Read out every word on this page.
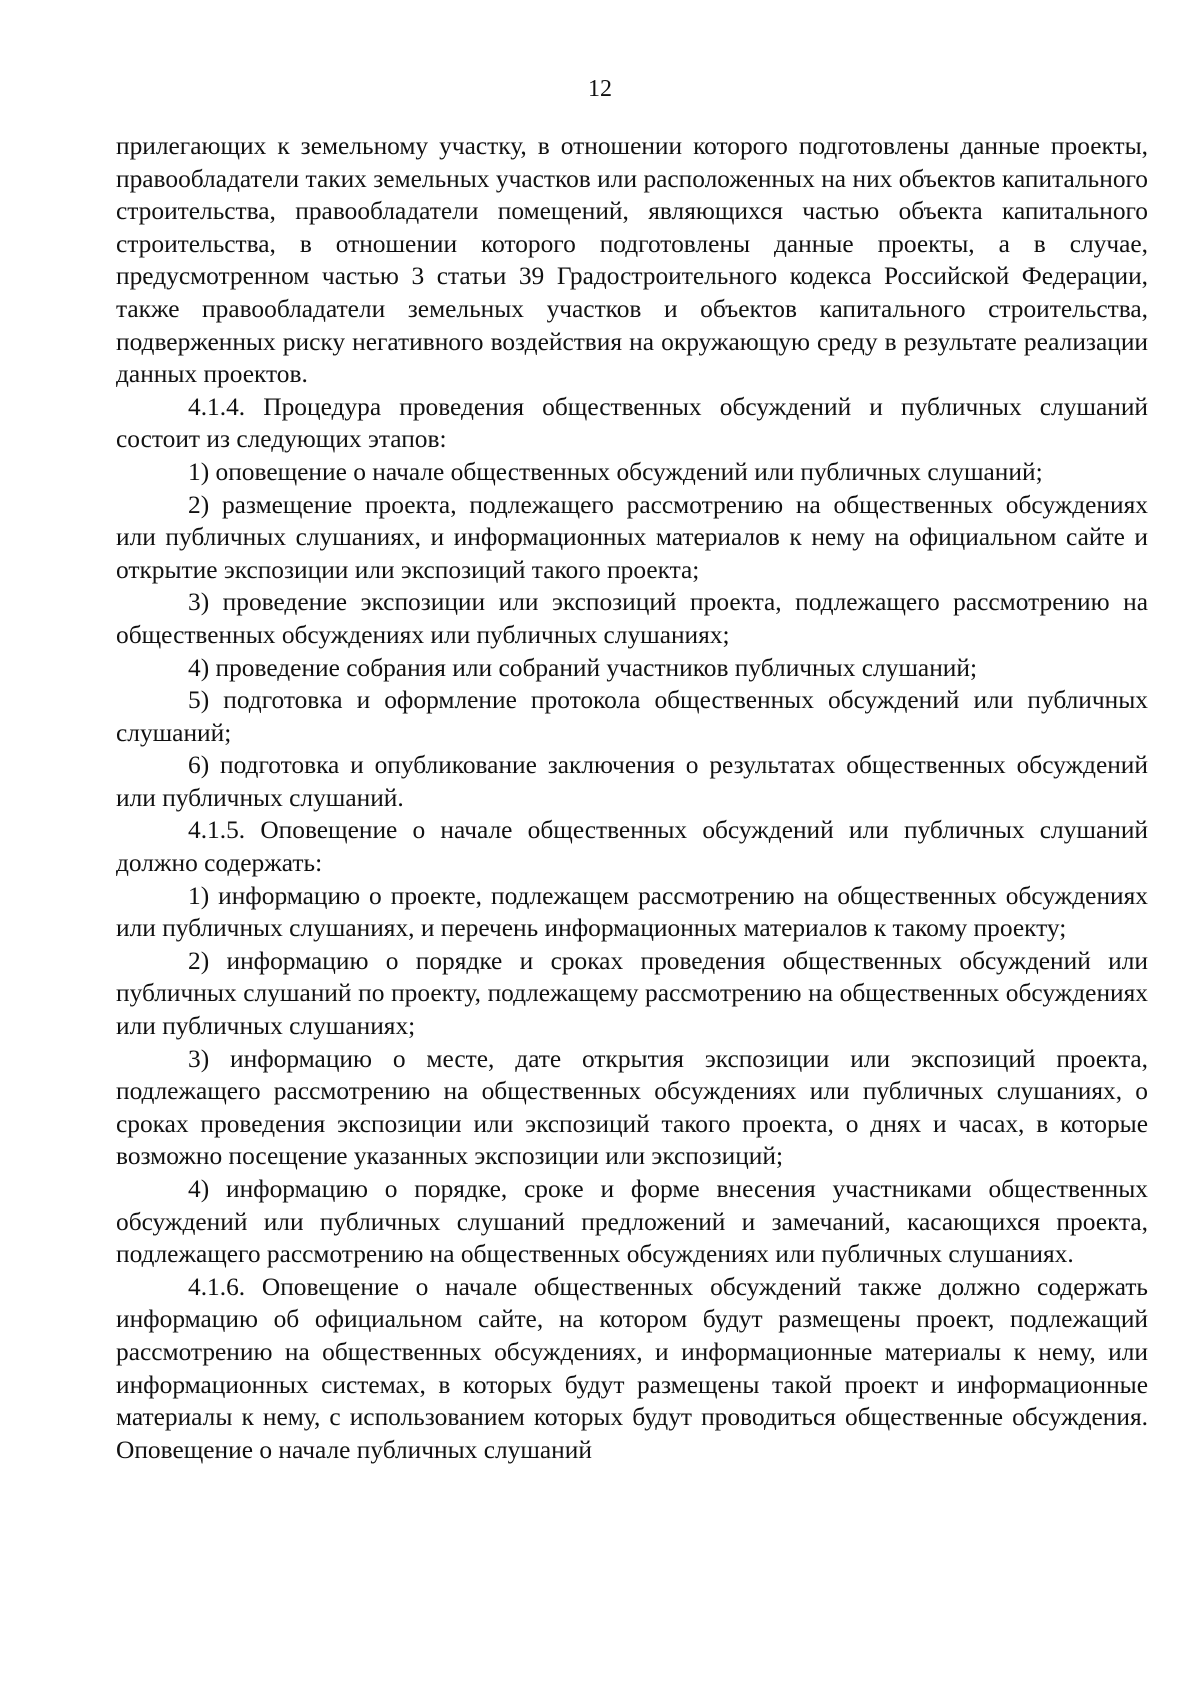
12

прилегающих к земельному участку, в отношении которого подготовлены данные проекты, правообладатели таких земельных участков или расположенных на них объектов капитального строительства, правообладатели помещений, являющихся частью объекта капитального строительства, в отношении которого подготовлены данные проекты, а в случае, предусмотренном частью 3 статьи 39 Градостроительного кодекса Российской Федерации, также правообладатели земельных участков и объектов капитального строительства, подверженных риску негативного воздействия на окружающую среду в результате реализации данных проектов.

4.1.4. Процедура проведения общественных обсуждений и публичных слушаний состоит из следующих этапов:

1) оповещение о начале общественных обсуждений или публичных слушаний;

2) размещение проекта, подлежащего рассмотрению на общественных обсуждениях или публичных слушаниях, и информационных материалов к нему на официальном сайте и открытие экспозиции или экспозиций такого проекта;

3) проведение экспозиции или экспозиций проекта, подлежащего рассмотрению на общественных обсуждениях или публичных слушаниях;

4) проведение собрания или собраний участников публичных слушаний;

5) подготовка и оформление протокола общественных обсуждений или публичных слушаний;

6) подготовка и опубликование заключения о результатах общественных обсуждений или публичных слушаний.

4.1.5. Оповещение о начале общественных обсуждений или публичных слушаний должно содержать:

1) информацию о проекте, подлежащем рассмотрению на общественных обсуждениях или публичных слушаниях, и перечень информационных материалов к такому проекту;

2) информацию о порядке и сроках проведения общественных обсуждений или публичных слушаний по проекту, подлежащему рассмотрению на общественных обсуждениях или публичных слушаниях;

3) информацию о месте, дате открытия экспозиции или экспозиций проекта, подлежащего рассмотрению на общественных обсуждениях или публичных слушаниях, о сроках проведения экспозиции или экспозиций такого проекта, о днях и часах, в которые возможно посещение указанных экспозиции или экспозиций;

4) информацию о порядке, сроке и форме внесения участниками общественных обсуждений или публичных слушаний предложений и замечаний, касающихся проекта, подлежащего рассмотрению на общественных обсуждениях или публичных слушаниях.

4.1.6. Оповещение о начале общественных обсуждений также должно содержать информацию об официальном сайте, на котором будут размещены проект, подлежащий рассмотрению на общественных обсуждениях, и информационные материалы к нему, или информационных системах, в которых будут размещены такой проект и информационные материалы к нему, с использованием которых будут проводиться общественные обсуждения. Оповещение о начале публичных слушаний
